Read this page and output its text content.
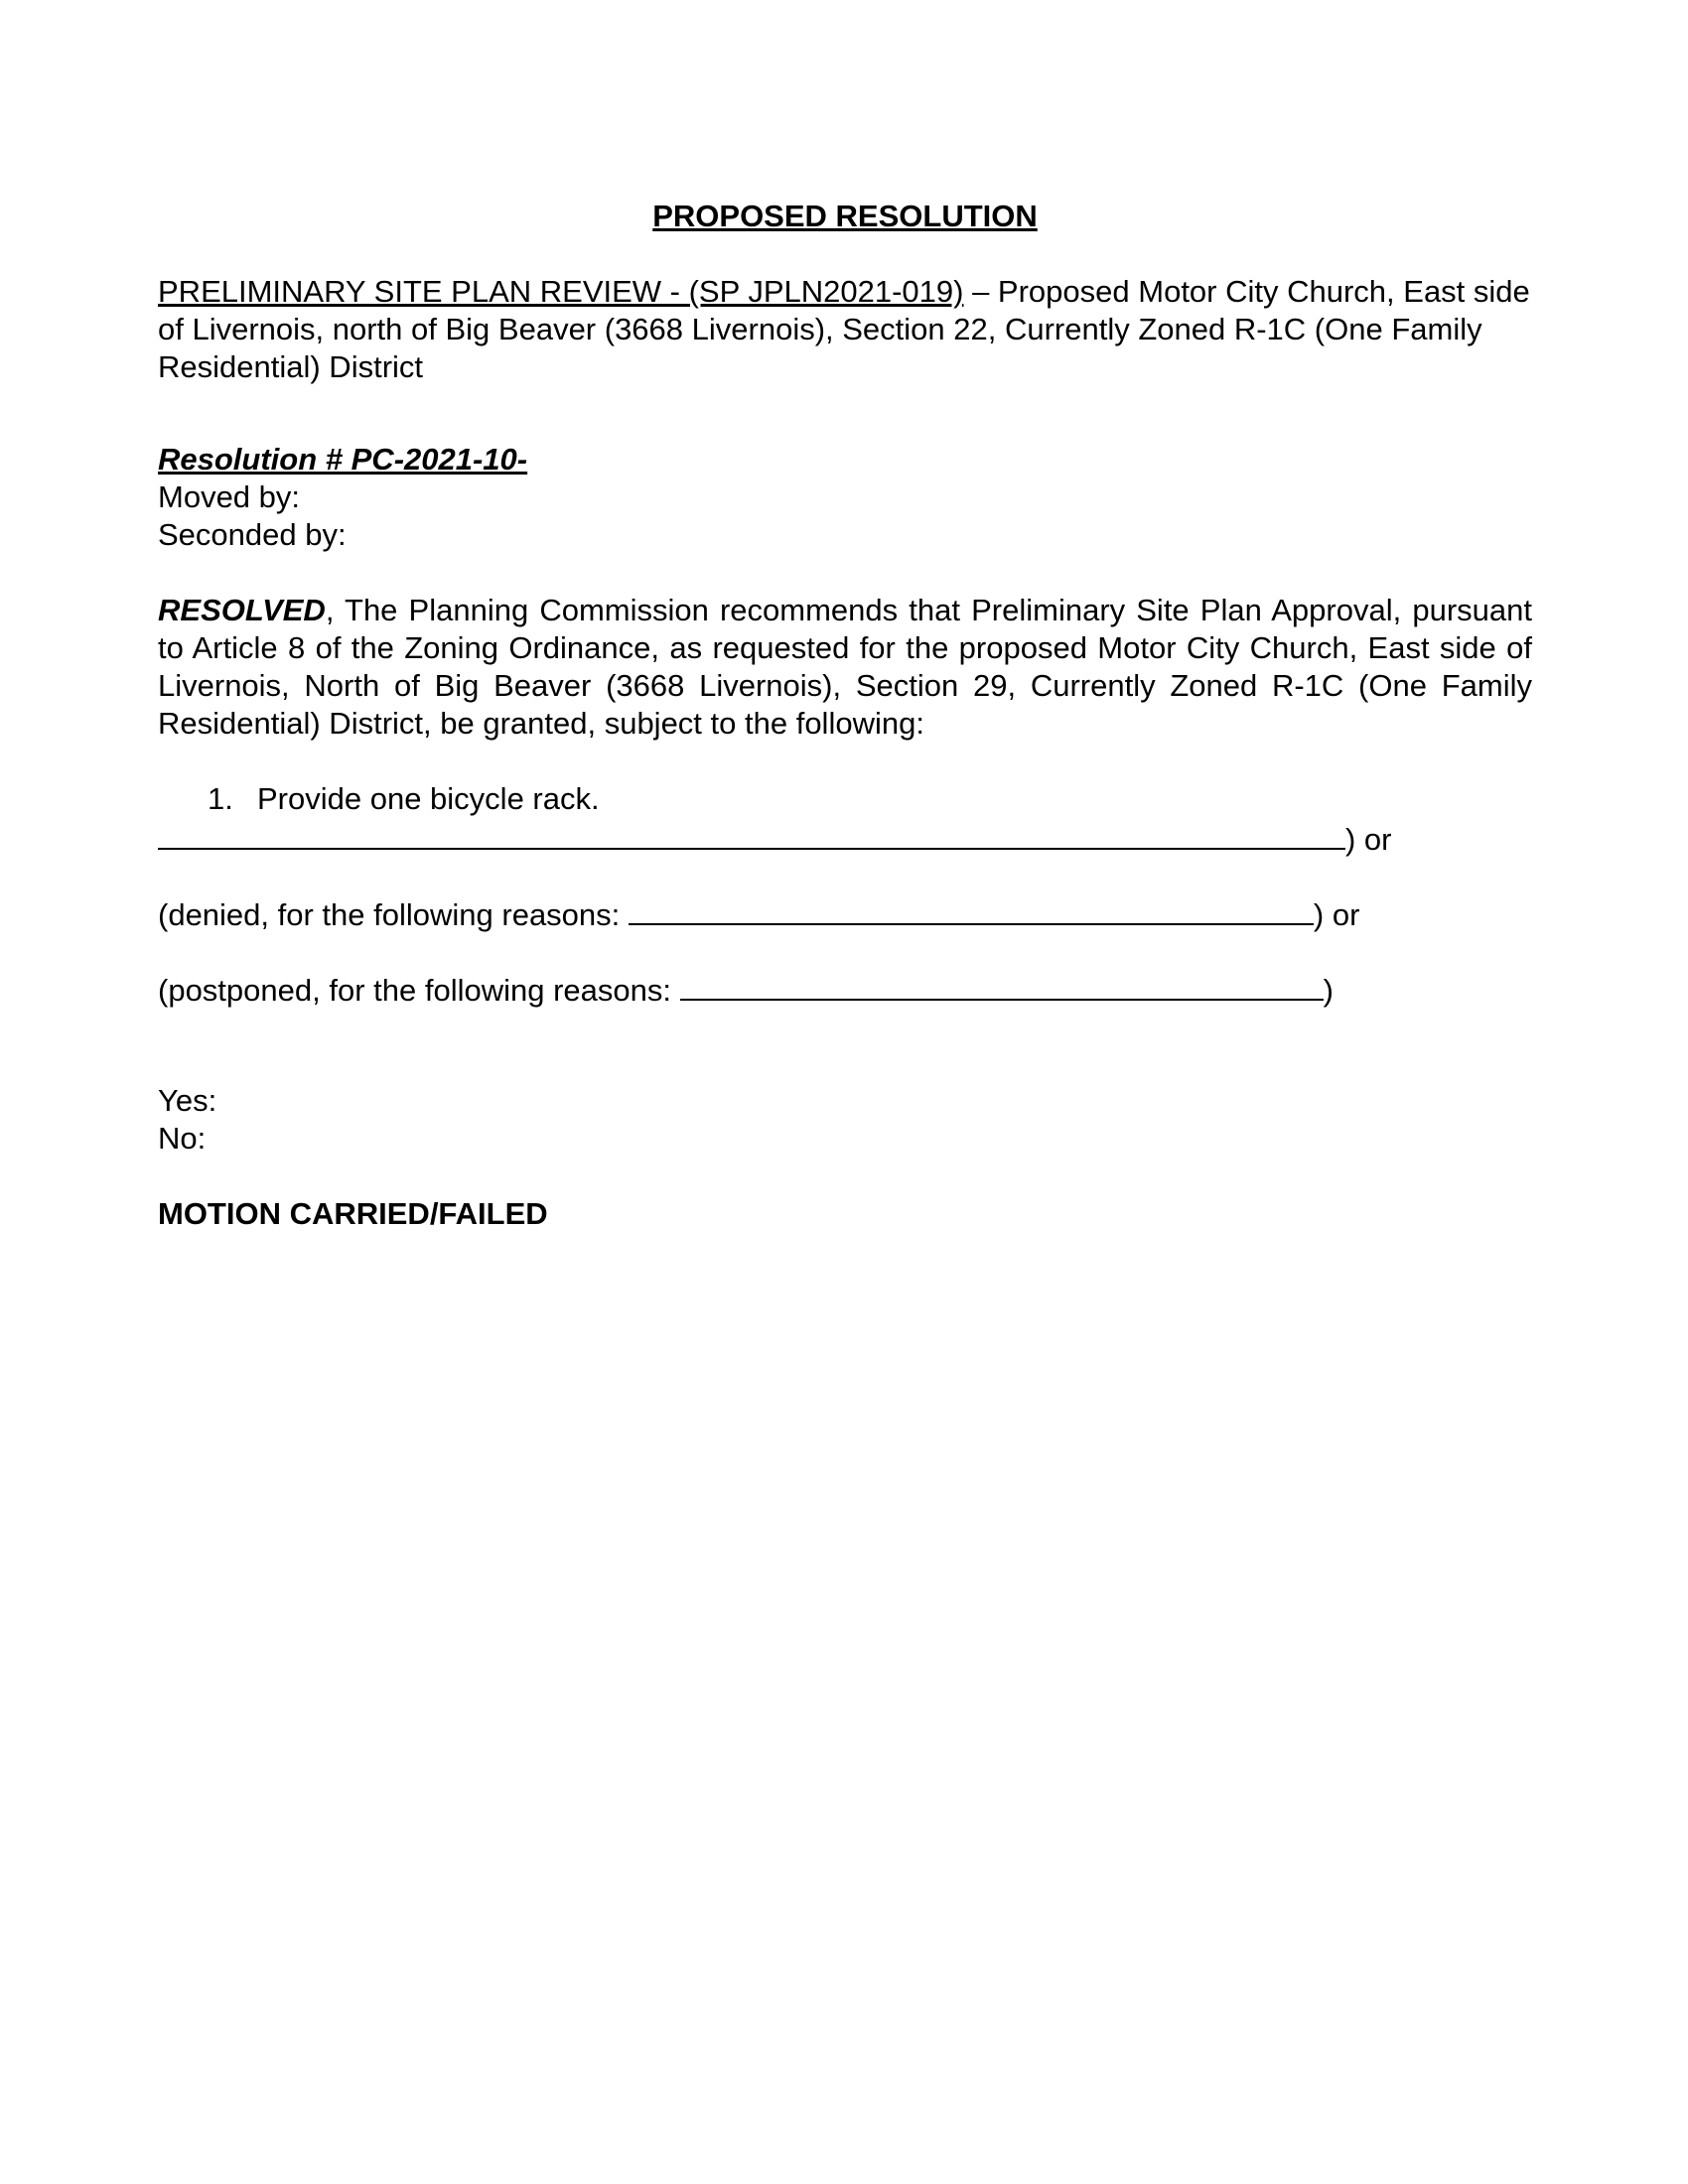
PROPOSED RESOLUTION
PRELIMINARY SITE PLAN REVIEW - (SP JPLN2021-019) – Proposed Motor City Church, East side of Livernois, north of Big Beaver (3668 Livernois), Section 22, Currently Zoned R-1C (One Family Residential) District
Resolution # PC-2021-10-
Moved by:
Seconded by:
RESOLVED, The Planning Commission recommends that Preliminary Site Plan Approval, pursuant to Article 8 of the Zoning Ordinance, as requested for the proposed Motor City Church, East side of Livernois, North of Big Beaver (3668 Livernois), Section 29, Currently Zoned R-1C (One Family Residential) District, be granted, subject to the following:
1. Provide one bicycle rack.
) or
(denied, for the following reasons:	) or
(postponed, for the following reasons:	)
Yes:
No:
MOTION CARRIED/FAILED
